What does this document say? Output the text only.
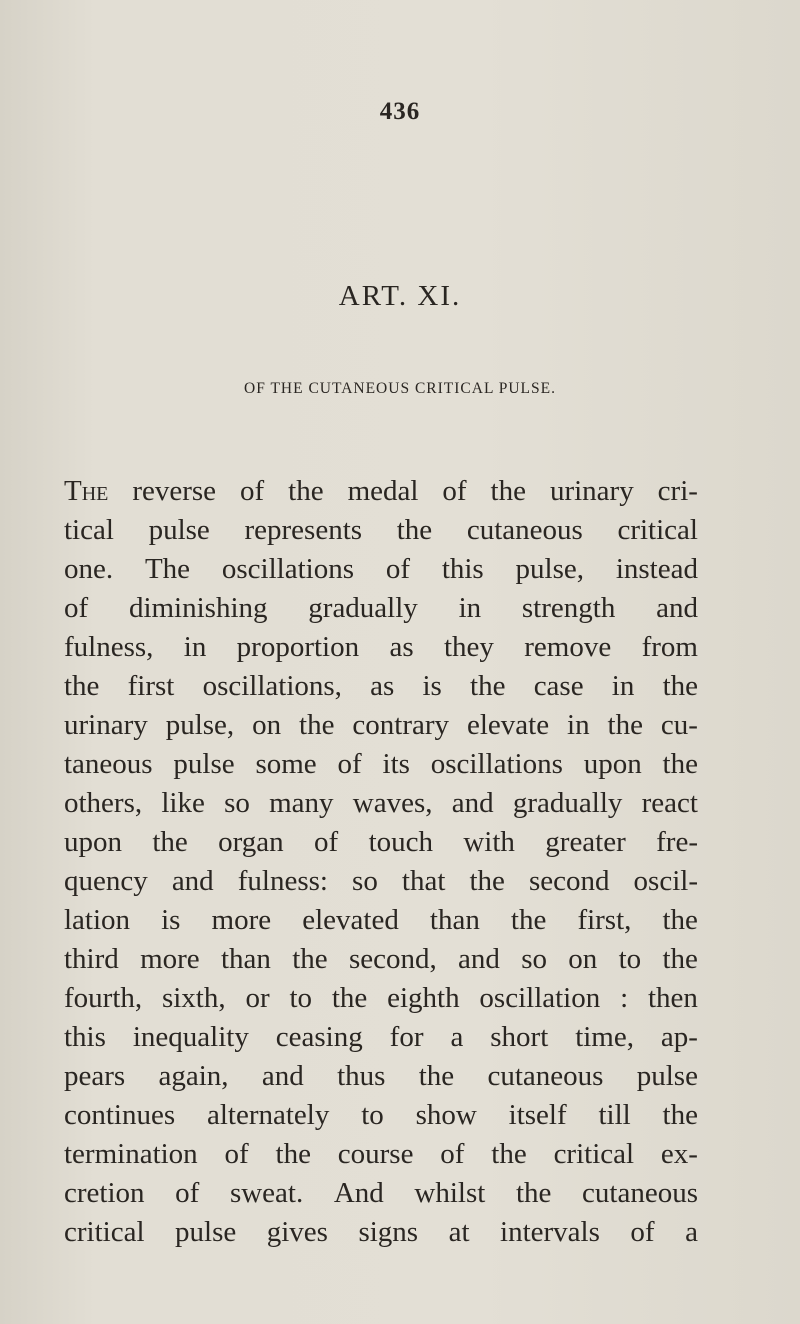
436
ART. XI.
OF THE CUTANEOUS CRITICAL PULSE.
The reverse of the medal of the urinary cri-
tical pulse represents the cutaneous critical
one. The oscillations of this pulse, instead
of diminishing gradually in strength and
fulness, in proportion as they remove from
the first oscillations, as is the case in the
urinary pulse, on the contrary elevate in the cu-
taneous pulse some of its oscillations upon the
others, like so many waves, and gradually react
upon the organ of touch with greater fre-
quency and fulness: so that the second oscil-
lation is more elevated than the first, the
third more than the second, and so on to the
fourth, sixth, or to the eighth oscillation : then
this inequality ceasing for a short time, ap-
pears again, and thus the cutaneous pulse
continues alternately to show itself till the
termination of the course of the critical ex-
cretion of sweat. And whilst the cutaneous
critical pulse gives signs at intervals of a
